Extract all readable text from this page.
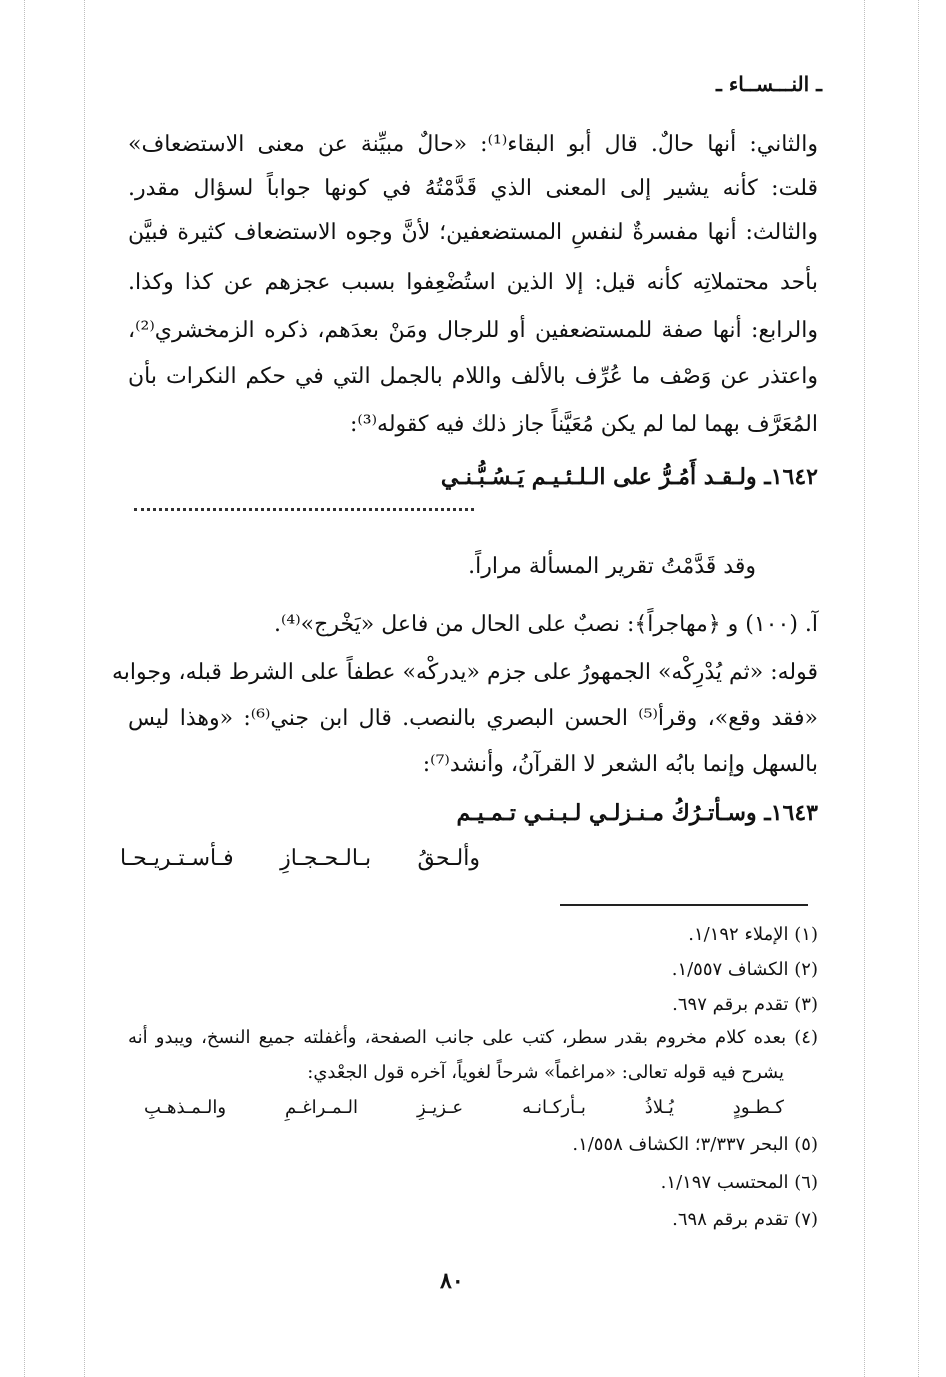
ـ النـــســاء ـ
والثاني: أنها حالٌ. قال أبو البقاء⁽¹⁾: «حالٌ مبيِّنة عن معنى الاستضعاف»
قلت: كأنه يشير إلى المعنى الذي قَدَّمْتُهُ في كونها جواباً لسؤال مقدر.
والثالث: أنها مفسرةٌ لنفسِ المستضعفين؛ لأنَّ وجوه الاستضعاف كثيرة فبيَّن
بأحد محتملاتِه كأنه قيل: إلا الذين استُضْعِفوا بسبب عجزهم عن كذا وكذا.
والرابع: أنها صفة للمستضعفين أو للرجال ومَنْ بعدَهم، ذكره الزمخشري⁽²⁾،
واعتذر عن وَصْف ما عُرِّف بالألف واللام بالجمل التي في حكم النكرات بأن
المُعَرَّف بهما لما لم يكن مُعَيَّناً جاز ذلك فيه كقوله⁽³⁾:
١٦٤٢ـ ولـقـد أَمُـرُّ على الـلـئـيـم يَـسُـبُّـنـي
وقد قَدَّمْتُ تقرير المسألة مراراً.
آ. (١٠٠) و ﴿مهاجراً﴾: نصبٌ على الحال من فاعل «يَخْرج»⁽⁴⁾.
قوله: «ثم يُدْرِكْه» الجمهورُ على جزم «يدركْه» عطفاً على الشرط قبله، وجوابه
«فقد وقع»، وقرأ⁽⁵⁾ الحسن البصري بالنصب. قال ابن جني⁽⁶⁾: «وهذا ليس
بالسهل وإنما بابُه الشعر لا القرآنُ، وأنشد⁽⁷⁾:
١٦٤٣ـ وسـأتـرُكُ مـنـزلـي لـبـنـي تـمـيـم
وألـحقُ بـالـحـجـازِ فـأسـتـريـحـا
(١) الإملاء ١/١٩٢.
(٢) الكشاف ١/٥٥٧.
(٣) تقدم برقم ٦٩٧.
(٤) بعده كلام مخروم بقدر سطر، كتب على جانب الصفحة، وأغفلته جميع النسخ، ويبدو أنه
يشرح فيه قوله تعالى: «مراغماً» شرحاً لغوياً، آخره قول الجعْدي:
كـطـودٍ يُـلاذُ بـأركـانـه عـزيـزِ الـمـراغـمِ والـمـذهـبِ
(٥) البحر ٣/٣٣٧؛ الكشاف ١/٥٥٨.
(٦) المحتسب ١/١٩٧.
(٧) تقدم برقم ٦٩٨.
٨٠
